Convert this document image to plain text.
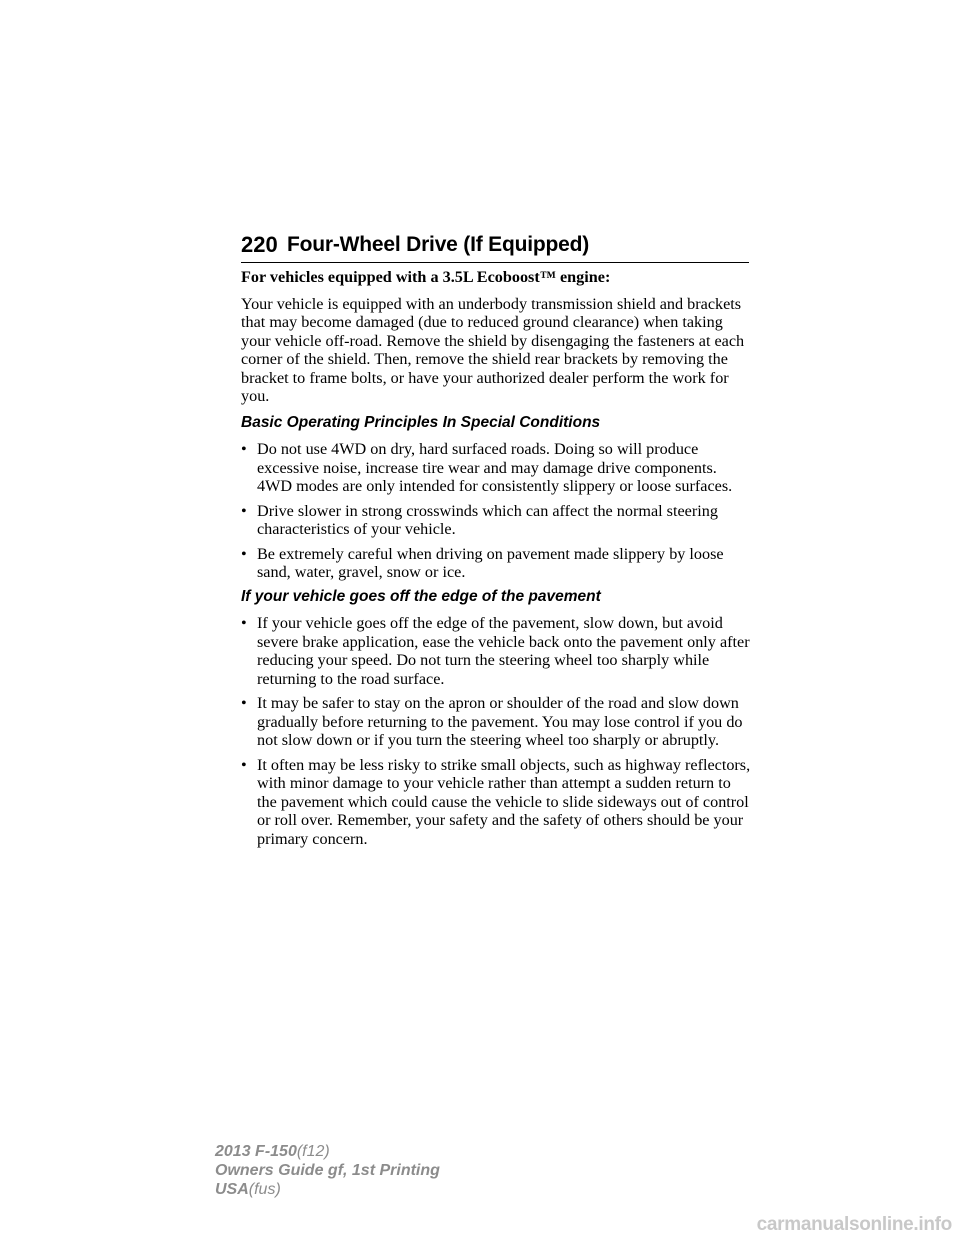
220 Four-Wheel Drive (If Equipped)

For vehicles equipped with a 3.5L Ecoboost™ engine:

Your vehicle is equipped with an underbody transmission shield and brackets that may become damaged (due to reduced ground clearance) when taking your vehicle off-road. Remove the shield by disengaging the fasteners at each corner of the shield. Then, remove the shield rear brackets by removing the bracket to frame bolts, or have your authorized dealer perform the work for you.

Basic Operating Principles In Special Conditions

• Do not use 4WD on dry, hard surfaced roads. Doing so will produce excessive noise, increase tire wear and may damage drive components. 4WD modes are only intended for consistently slippery or loose surfaces.
• Drive slower in strong crosswinds which can affect the normal steering characteristics of your vehicle.
• Be extremely careful when driving on pavement made slippery by loose sand, water, gravel, snow or ice.

If your vehicle goes off the edge of the pavement

• If your vehicle goes off the edge of the pavement, slow down, but avoid severe brake application, ease the vehicle back onto the pavement only after reducing your speed. Do not turn the steering wheel too sharply while returning to the road surface.
• It may be safer to stay on the apron or shoulder of the road and slow down gradually before returning to the pavement. You may lose control if you do not slow down or if you turn the steering wheel too sharply or abruptly.
• It often may be less risky to strike small objects, such as highway reflectors, with minor damage to your vehicle rather than attempt a sudden return to the pavement which could cause the vehicle to slide sideways out of control or roll over. Remember, your safety and the safety of others should be your primary concern.
2013 F-150(f12)
Owners Guide gf, 1st Printing
USA(fus)
carmanualsonline.info
